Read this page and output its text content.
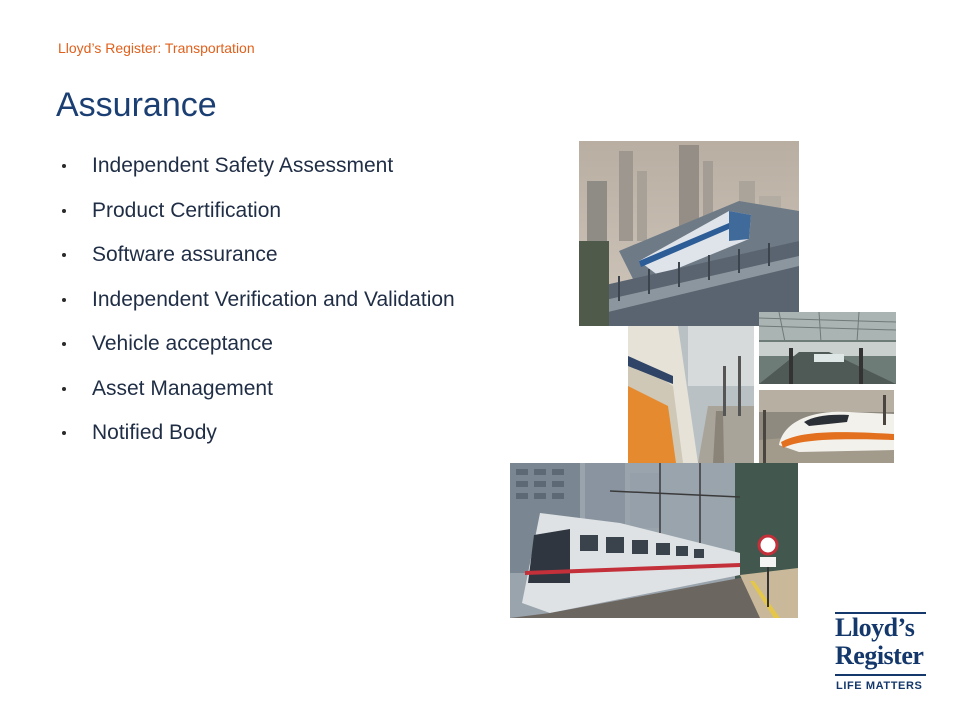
Lloyd’s Register: Transportation
Assurance
Independent Safety Assessment
Product Certification
Software assurance
Independent Verification and Validation
Vehicle acceptance
Asset Management
Notified Body
Lloyd’s
Register
LIFE MATTERS
